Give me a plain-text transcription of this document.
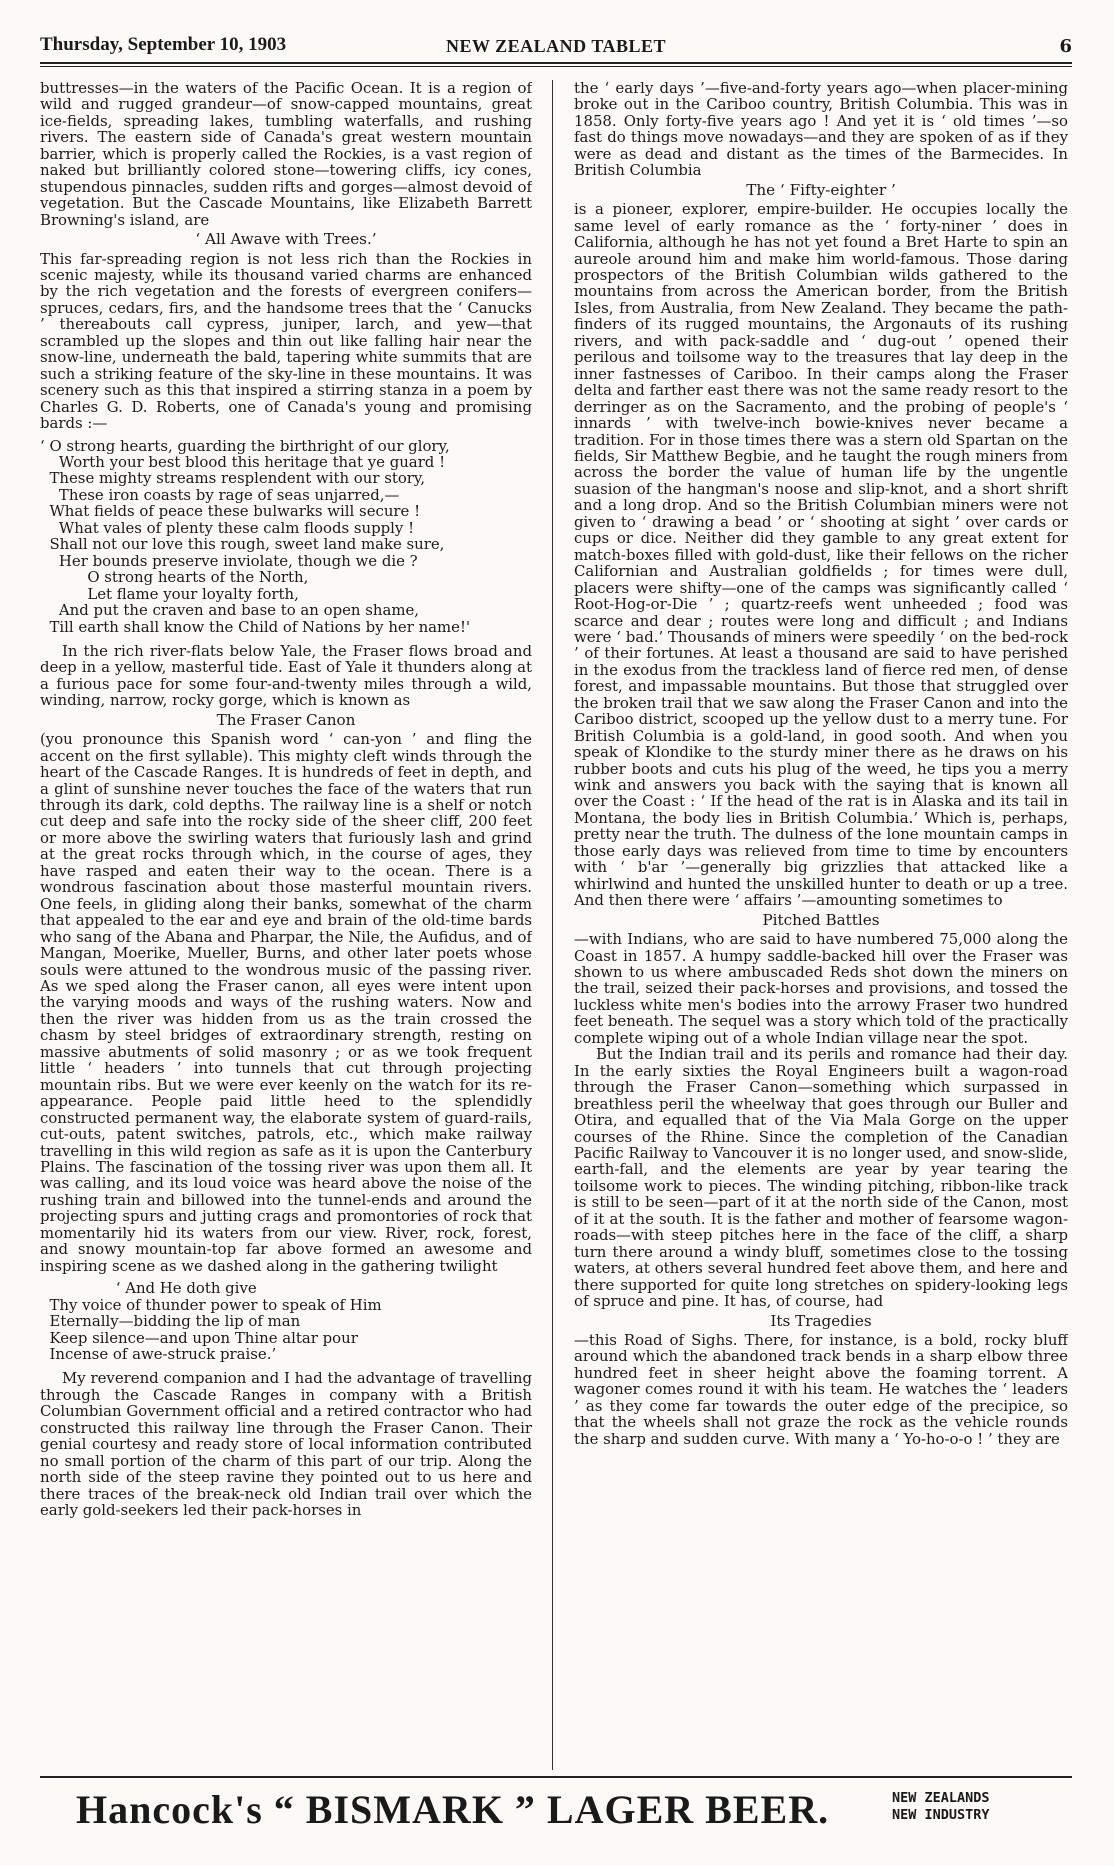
Thursday, September 10, 1903	NEW ZEALAND TABLET	6

buttresses—in the waters of the Pacific Ocean. It is a region of wild and rugged grandeur—of snow-capped mountains, great ice-fields, spreading lakes, tumbling waterfalls, and rushing rivers. The eastern side of Canada's great western mountain barrier, which is properly called the Rockies, is a vast region of naked but brilliantly colored stone—towering cliffs, icy cones, stupendous pinnacles, sudden rifts and gorges—almost devoid of vegetation. But the Cascade Mountains, like Elizabeth Barrett Browning's island, are

‘ All Awave with Trees.’

This far-spreading region is not less rich than the Rockies in scenic majesty, while its thousand varied charms are enhanced by the rich vegetation and the forests of evergreen conifers—spruces, cedars, firs, and the handsome trees that the ‘ Canucks ’ thereabouts call cypress, juniper, larch, and yew—that scrambled up the slopes and thin out like falling hair near the snow-line, underneath the bald, tapering white summits that are such a striking feature of the sky-line in these mountains. It was scenery such as this that inspired a stirring stanza in a poem by Charles G. D. Roberts, one of Canada's young and promising bards :—

‘ O strong hearts, guarding the birthright of our glory,
Worth your best blood this heritage that ye guard !
These mighty streams resplendent with our story,
These iron coasts by rage of seas unjarred,—
What fields of peace these bulwarks will secure !
What vales of plenty these calm floods supply !
Shall not our love this rough, sweet land make sure,
Her bounds preserve inviolate, though we die ?
O strong hearts of the North,
Let flame your loyalty forth,
And put the craven and base to an open shame,
Till earth shall know the Child of Nations by her name!'

In the rich river-flats below Yale, the Fraser flows broad and deep in a yellow, masterful tide. East of Yale it thunders along at a furious pace for some four-and-twenty miles through a wild, winding, narrow, rocky gorge, which is known as

The Fraser Canon

(you pronounce this Spanish word ‘ can-yon ’ and fling the accent on the first syllable). This mighty cleft winds through the heart of the Cascade Ranges. It is hundreds of feet in depth, and a glint of sunshine never touches the face of the waters that run through its dark, cold depths. The railway line is a shelf or notch cut deep and safe into the rocky side of the sheer cliff, 200 feet or more above the swirling waters that furiously lash and grind at the great rocks through which, in the course of ages, they have rasped and eaten their way to the ocean. There is a wondrous fascination about those masterful mountain rivers. One feels, in gliding along their banks, somewhat of the charm that appealed to the ear and eye and brain of the old-time bards who sang of the Abana and Pharpar, the Nile, the Aufidus, and of Mangan, Moerike, Mueller, Burns, and other later poets whose souls were attuned to the wondrous music of the passing river. As we sped along the Fraser canon, all eyes were intent upon the varying moods and ways of the rushing waters. Now and then the river was hidden from us as the train crossed the chasm by steel bridges of extraordinary strength, resting on massive abutments of solid masonry ; or as we took frequent little ‘ headers ’ into tunnels that cut through projecting mountain ribs. But we were ever keenly on the watch for its re-appearance. People paid little heed to the splendidly constructed permanent way, the elaborate system of guard-rails, cut-outs, patent switches, patrols, etc., which make railway travelling in this wild region as safe as it is upon the Canterbury Plains. The fascination of the tossing river was upon them all. It was calling, and its loud voice was heard above the noise of the rushing train and billowed into the tunnel-ends and around the projecting spurs and jutting crags and promontories of rock that momentarily hid its waters from our view. River, rock, forest, and snowy mountain-top far above formed an awesome and inspiring scene as we dashed along in the gathering twilight

‘ And He doth give
Thy voice of thunder power to speak of Him
Eternally—bidding the lip of man
Keep silence—and upon Thine altar pour
Incense of awe-struck praise.’

My reverend companion and I had the advantage of travelling through the Cascade Ranges in company with a British Columbian Government official and a retired contractor who had constructed this railway line through the Fraser Canon. Their genial courtesy and ready store of local information contributed no small portion of the charm of this part of our trip. Along the north side of the steep ravine they pointed out to us here and there traces of the break-neck old Indian trail over which the early gold-seekers led their pack-horses in

the ‘ early days ’—five-and-forty years ago—when placer-mining broke out in the Cariboo country, British Columbia. This was in 1858. Only forty-five years ago ! And yet it is ‘ old times ’—so fast do things move nowadays—and they are spoken of as if they were as dead and distant as the times of the Barmecides. In British Columbia

The ‘ Fifty-eighter ’

is a pioneer, explorer, empire-builder. He occupies locally the same level of early romance as the ‘ forty-niner ’ does in California, although he has not yet found a Bret Harte to spin an aureole around him and make him world-famous. Those daring prospectors of the British Columbian wilds gathered to the mountains from across the American border, from the British Isles, from Australia, from New Zealand. They became the path-finders of its rugged mountains, the Argonauts of its rushing rivers, and with pack-saddle and ‘ dug-out ’ opened their perilous and toilsome way to the treasures that lay deep in the inner fastnesses of Cariboo. In their camps along the Fraser delta and farther east there was not the same ready resort to the derringer as on the Sacramento, and the probing of people's ‘ innards ’ with twelve-inch bowie-knives never became a tradition. For in those times there was a stern old Spartan on the fields, Sir Matthew Begbie, and he taught the rough miners from across the border the value of human life by the ungentle suasion of the hangman's noose and slip-knot, and a short shrift and a long drop. And so the British Columbian miners were not given to ‘ drawing a bead ’ or ‘ shooting at sight ’ over cards or cups or dice. Neither did they gamble to any great extent for match-boxes filled with gold-dust, like their fellows on the richer Californian and Australian goldfields ; for times were dull, placers were shifty—one of the camps was significantly called ‘ Root-Hog-or-Die ’ ; quartz-reefs went unheeded ; food was scarce and dear ; routes were long and difficult ; and Indians were ‘ bad.’ Thousands of miners were speedily ‘ on the bed-rock ’ of their fortunes. At least a thousand are said to have perished in the exodus from the trackless land of fierce red men, of dense forest, and impassable mountains. But those that struggled over the broken trail that we saw along the Fraser Canon and into the Cariboo district, scooped up the yellow dust to a merry tune. For British Columbia is a gold-land, in good sooth. And when you speak of Klondike to the sturdy miner there as he draws on his rubber boots and cuts his plug of the weed, he tips you a merry wink and answers you back with the saying that is known all over the Coast : ‘ If the head of the rat is in Alaska and its tail in Montana, the body lies in British Columbia.’ Which is, perhaps, pretty near the truth. The dulness of the lone mountain camps in those early days was relieved from time to time by encounters with ‘ b'ar ’—generally big grizzlies that attacked like a whirlwind and hunted the unskilled hunter to death or up a tree. And then there were ‘ affairs ’—amounting sometimes to

Pitched Battles

—with Indians, who are said to have numbered 75,000 along the Coast in 1857. A humpy saddle-backed hill over the Fraser was shown to us where ambuscaded Reds shot down the miners on the trail, seized their pack-horses and provisions, and tossed the luckless white men's bodies into the arrowy Fraser two hundred feet beneath. The sequel was a story which told of the practically complete wiping out of a whole Indian village near the spot.

But the Indian trail and its perils and romance had their day. In the early sixties the Royal Engineers built a wagon-road through the Fraser Canon—something which surpassed in breathless peril the wheelway that goes through our Buller and Otira, and equalled that of the Via Mala Gorge on the upper courses of the Rhine. Since the completion of the Canadian Pacific Railway to Vancouver it is no longer used, and snow-slide, earth-fall, and the elements are year by year tearing the toilsome work to pieces. The winding pitching, ribbon-like track is still to be seen—part of it at the north side of the Canon, most of it at the south. It is the father and mother of fearsome wagon-roads—with steep pitches here in the face of the cliff, a sharp turn there around a windy bluff, sometimes close to the tossing waters, at others several hundred feet above them, and here and there supported for quite long stretches on spidery-looking legs of spruce and pine. It has, of course, had

Its Tragedies

—this Road of Sighs. There, for instance, is a bold, rocky bluff around which the abandoned track bends in a sharp elbow three hundred feet in sheer height above the foaming torrent. A wagoner comes round it with his team. He watches the ‘ leaders ’ as they come far towards the outer edge of the precipice, so that the wheels shall not graze the rock as the vehicle rounds the sharp and sudden curve. With many a ‘ Yo-ho-o-o ! ’ they are

Hancock's “ BISMARK ” LAGER BEER.	NEW ZEALANDS
NEW INDUSTRY
